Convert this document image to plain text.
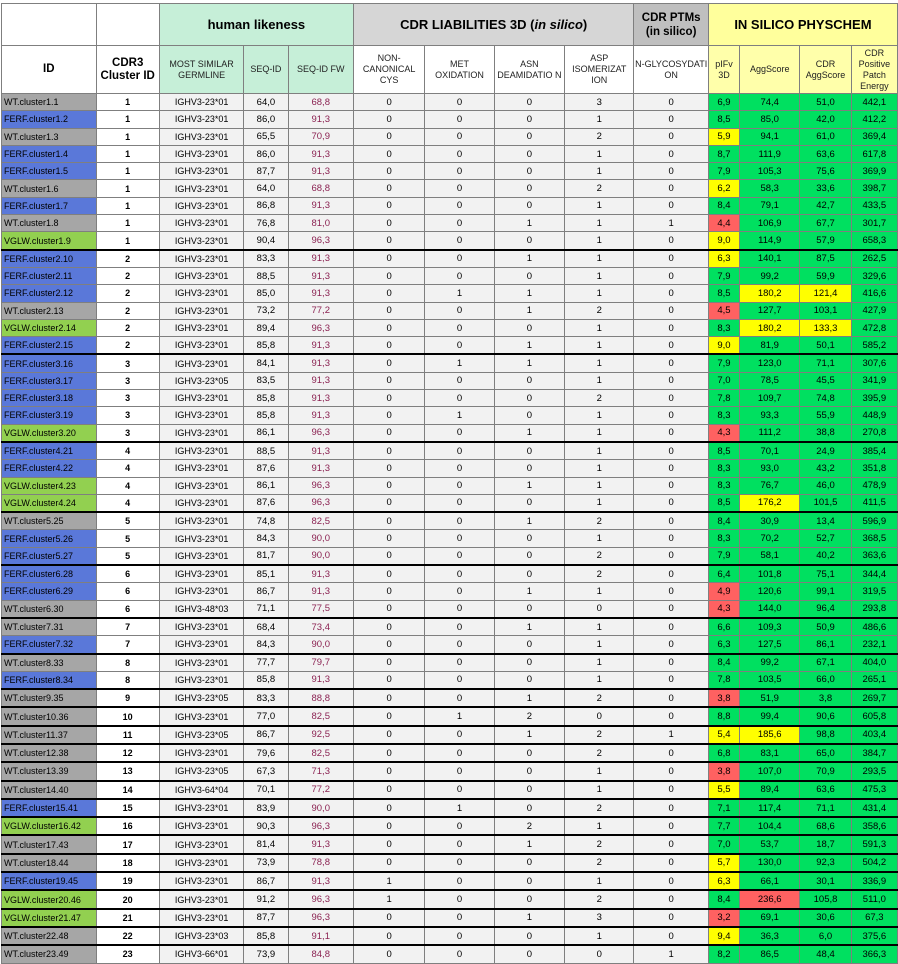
		human likeness			CDR LIABILITIES 3D (in silico)				CDR PTMs (in silico)	IN SILICO PHYSCHEM			
ID	CDR3 Cluster ID	MOST SIMILAR GERMLINE	SEQ-ID	SEQ-ID FW	NON-CANONICAL CYS	MET OXIDATION	ASN DEAMIDATIO N	ASP ISOMERIZAT ION	N-GLYCOSYDATI ON	pIFv 3D	AggScore	CDR AggScore	CDR Positive Patch Energy
WT.cluster1.1	1	IGHV3-23*01	64,0	68,8	0	0	0	3	0	6,9	74,4	51,0	442,1
FERF.cluster1.2	1	IGHV3-23*01	86,0	91,3	0	0	0	1	0	8,5	85,0	42,0	412,2
WT.cluster1.3	1	IGHV3-23*01	65,5	70,9	0	0	0	2	0	5,9	94,1	61,0	369,4
FERF.cluster1.4	1	IGHV3-23*01	86,0	91,3	0	0	0	1	0	8,7	111,9	63,6	617,8
FERF.cluster1.5	1	IGHV3-23*01	87,7	91,3	0	0	0	1	0	7,9	105,3	75,6	369,9
WT.cluster1.6	1	IGHV3-23*01	64,0	68,8	0	0	0	2	0	6,2	58,3	33,6	398,7
FERF.cluster1.7	1	IGHV3-23*01	86,8	91,3	0	0	0	1	0	8,4	79,1	42,7	433,5
WT.cluster1.8	1	IGHV3-23*01	76,8	81,0	0	0	1	1	1	4,4	106,9	67,7	301,7
VGLW.cluster1.9	1	IGHV3-23*01	90,4	96,3	0	0	0	1	0	9,0	114,9	57,9	658,3
FERF.cluster2.10	2	IGHV3-23*01	83,3	91,3	0	0	1	1	0	6,3	140,1	87,5	262,5
FERF.cluster2.11	2	IGHV3-23*01	88,5	91,3	0	0	0	1	0	7,9	99,2	59,9	329,6
FERF.cluster2.12	2	IGHV3-23*01	85,0	91,3	0	1	1	1	0	8,5	180,2	121,4	416,6
WT.cluster2.13	2	IGHV3-23*01	73,2	77,2	0	0	1	2	0	4,5	127,7	103,1	427,9
VGLW.cluster2.14	2	IGHV3-23*01	89,4	96,3	0	0	0	1	0	8,3	180,2	133,3	472,8
FERF.cluster2.15	2	IGHV3-23*01	85,8	91,3	0	0	1	1	0	9,0	81,9	50,1	585,2
FERF.cluster3.16	3	IGHV3-23*01	84,1	91,3	0	1	1	1	0	7,9	123,0	71,1	307,6
FERF.cluster3.17	3	IGHV3-23*05	83,5	91,3	0	0	0	1	0	7,0	78,5	45,5	341,9
FERF.cluster3.18	3	IGHV3-23*01	85,8	91,3	0	0	0	2	0	7,8	109,7	74,8	395,9
FERF.cluster3.19	3	IGHV3-23*01	85,8	91,3	0	1	0	1	0	8,3	93,3	55,9	448,9
VGLW.cluster3.20	3	IGHV3-23*01	86,1	96,3	0	0	1	1	0	4,3	111,2	38,8	270,8
FERF.cluster4.21	4	IGHV3-23*01	88,5	91,3	0	0	0	1	0	8,5	70,1	24,9	385,4
FERF.cluster4.22	4	IGHV3-23*01	87,6	91,3	0	0	0	1	0	8,3	93,0	43,2	351,8
VGLW.cluster4.23	4	IGHV3-23*01	86,1	96,3	0	0	1	1	0	8,3	76,7	46,0	478,9
VGLW.cluster4.24	4	IGHV3-23*01	87,6	96,3	0	0	0	1	0	8,5	176,2	101,5	411,5
WT.cluster5.25	5	IGHV3-23*01	74,8	82,5	0	0	1	2	0	8,4	30,9	13,4	596,9
FERF.cluster5.26	5	IGHV3-23*01	84,3	90,0	0	0	0	1	0	8,3	70,2	52,7	368,5
FERF.cluster5.27	5	IGHV3-23*01	81,7	90,0	0	0	0	2	0	7,9	58,1	40,2	363,6
FERF.cluster6.28	6	IGHV3-23*01	85,1	91,3	0	0	0	2	0	6,4	101,8	75,1	344,4
FERF.cluster6.29	6	IGHV3-23*01	86,7	91,3	0	0	1	1	0	4,9	120,6	99,1	319,5
WT.cluster6.30	6	IGHV3-48*03	71,1	77,5	0	0	0	0	0	4,3	144,0	96,4	293,8
WT.cluster7.31	7	IGHV3-23*01	68,4	73,4	0	0	1	1	0	6,6	109,3	50,9	486,6
FERF.cluster7.32	7	IGHV3-23*01	84,3	90,0	0	0	0	1	0	6,3	127,5	86,1	232,1
WT.cluster8.33	8	IGHV3-23*01	77,7	79,7	0	0	0	1	0	8,4	99,2	67,1	404,0
FERF.cluster8.34	8	IGHV3-23*01	85,8	91,3	0	0	0	1	0	7,8	103,5	66,0	265,1
WT.cluster9.35	9	IGHV3-23*05	83,3	88,8	0	0	1	2	0	3,8	51,9	3,8	269,7
WT.cluster10.36	10	IGHV3-23*01	77,0	82,5	0	1	2	0	0	8,8	99,4	90,6	605,8
WT.cluster11.37	11	IGHV3-23*05	86,7	92,5	0	0	1	2	1	5,4	185,6	98,8	403,4
WT.cluster12.38	12	IGHV3-23*01	79,6	82,5	0	0	0	2	0	6,8	83,1	65,0	384,7
WT.cluster13.39	13	IGHV3-23*05	67,3	71,3	0	0	0	1	0	3,8	107,0	70,9	293,5
WT.cluster14.40	14	IGHV3-64*04	70,1	77,2	0	0	0	1	0	5,5	89,4	63,6	475,3
FERF.cluster15.41	15	IGHV3-23*01	83,9	90,0	0	1	0	2	0	7,1	117,4	71,1	431,4
VGLW.cluster16.42	16	IGHV3-23*01	90,3	96,3	0	0	2	1	0	7,7	104,4	68,6	358,6
WT.cluster17.43	17	IGHV3-23*01	81,4	91,3	0	0	1	2	0	7,0	53,7	18,7	591,3
WT.cluster18.44	18	IGHV3-23*01	73,9	78,8	0	0	0	2	0	5,7	130,0	92,3	504,2
FERF.cluster19.45	19	IGHV3-23*01	86,7	91,3	1	0	0	1	0	6,3	66,1	30,1	336,9
VGLW.cluster20.46	20	IGHV3-23*01	91,2	96,3	1	0	0	2	0	8,4	236,6	105,8	511,0
VGLW.cluster21.47	21	IGHV3-23*01	87,7	96,3	0	0	1	3	0	3,2	69,1	30,6	67,3
WT.cluster22.48	22	IGHV3-23*03	85,8	91,1	0	0	0	1	0	9,4	36,3	6,0	375,6
WT.cluster23.49	23	IGHV3-66*01	73,9	84,8	0	0	0	0	1	8,2	86,5	48,4	366,3
